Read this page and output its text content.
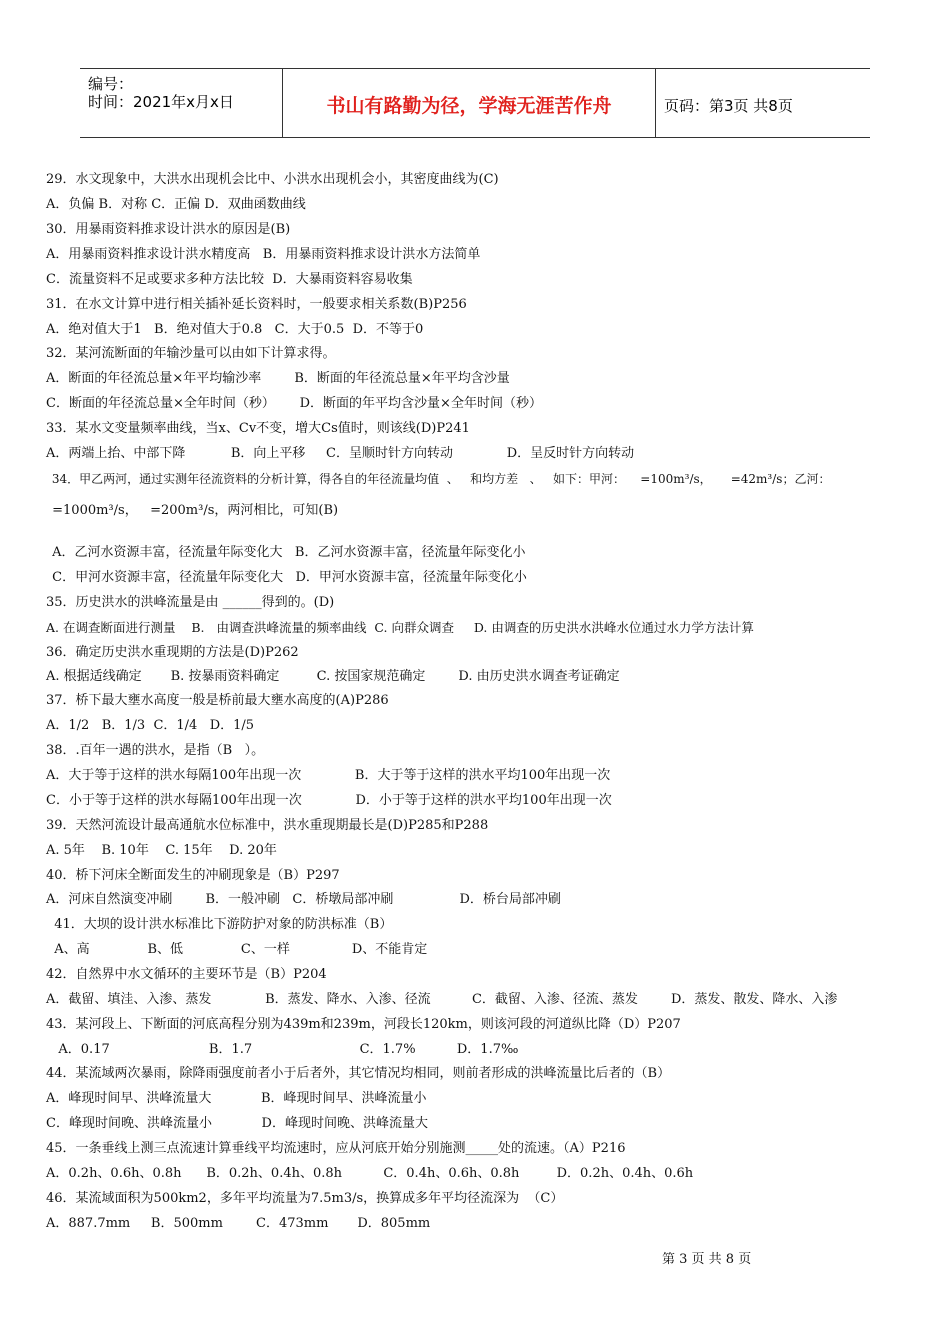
编号：
时间：2021年x月x日	书山有路勤为径，学海无涯苦作舟	页码：第3页 共8页
29．水文现象中，大洪水出现机会比中、小洪水出现机会小，其密度曲线为(C)
A．负偏 B．对称 C．正偏 D．双曲函数曲线
30．用暴雨资料推求设计洪水的原因是(B)
A．用暴雨资料推求设计洪水精度高   B．用暴雨资料推求设计洪水方法简单
C．流量资料不足或要求多种方法比较  D．大暴雨资料容易收集
31．在水文计算中进行相关插补延长资料时，一般要求相关系数(B)P256
A．绝对值大于1   B．绝对值大于0.8   C．大于0.5  D．不等于0
32．某河流断面的年输沙量可以由如下计算求得。
A．断面的年径流总量×年平均输沙率        B．断面的年径流总量×年平均含沙量
C．断面的年径流总量×全年时间（秒）      D．断面的年平均含沙量×全年时间（秒）
33．某水文变量频率曲线，当x、Cv不变，增大Cs值时，则该线(D)P241
A．两端上抬、中部下降           B．向上平移     C．呈顺时针方向转动             D．呈反时针方向转动
34．甲乙两河，通过实测年径流资料的分析计算，得各自的年径流量均值  、   和均方差   、   如下：甲河：    =100m³/s，     =42m³/s；乙河：
=1000m³/s，   =200m³/s，两河相比，可知(B)
A．乙河水资源丰富，径流量年际变化大   B．乙河水资源丰富，径流量年际变化小
C．甲河水资源丰富，径流量年际变化大   D．甲河水资源丰富，径流量年际变化小
35．历史洪水的洪峰流量是由 ______得到的。(D)
A. 在调查断面进行测量    B.   由调查洪峰流量的频率曲线  C. 向群众调查     D. 由调查的历史洪水洪峰水位通过水力学方法计算
36．确定历史洪水重现期的方法是(D)P262
A. 根据适线确定       B. 按暴雨资料确定         C. 按国家规范确定        D. 由历史洪水调查考证确定
37．桥下最大壅水高度一般是桥前最大壅水高度的(A)P286
A．1/2   B．1/3  C．1/4   D．1/5
38．.百年一遇的洪水，是指（B   ）。
A．大于等于这样的洪水每隔100年出现一次             B．大于等于这样的洪水平均100年出现一次
C．小于等于这样的洪水每隔100年出现一次             D．小于等于这样的洪水平均100年出现一次
39．天然河流设计最高通航水位标准中，洪水重现期最长是(D)P285和P288
A. 5年    B. 10年    C. 15年    D. 20年
40．桥下河床全断面发生的冲刷现象是（B）P297
A．河床自然演变冲刷        B．一般冲刷   C．桥墩局部冲刷                D．桥台局部冲刷
41．大坝的设计洪水标准比下游防护对象的防洪标准（B）
A、高              B、低              C、一样               D、不能肯定
42．自然界中水文循环的主要环节是（B）P204
A．截留、填洼、入渗、蒸发             B．蒸发、降水、入渗、径流          C．截留、入渗、径流、蒸发        D．蒸发、散发、降水、入渗
43．某河段上、下断面的河底高程分别为439m和239m，河段长120km，则该河段的河道纵比降（D）P207
A．0.17                        B．1.7                          C．1.7%          D．1.7‰
44．某流域两次暴雨，除降雨强度前者小于后者外，其它情况均相同，则前者形成的洪峰流量比后者的（B）
A．峰现时间早、洪峰流量大            B．峰现时间早、洪峰流量小
C．峰现时间晚、洪峰流量小            D．峰现时间晚、洪峰流量大
45．一条垂线上测三点流速计算垂线平均流速时，应从河底开始分别施测_____处的流速。（A）P216
A．0.2h、0.6h、0.8h      B．0.2h、0.4h、0.8h          C．0.4h、0.6h、0.8h         D．0.2h、0.4h、0.6h
46．某流域面积为500km2，多年平均流量为7.5m3/s，换算成多年平均径流深为  （C）
A．887.7mm     B．500mm        C．473mm       D．805mm
第 3 页 共 8 页
